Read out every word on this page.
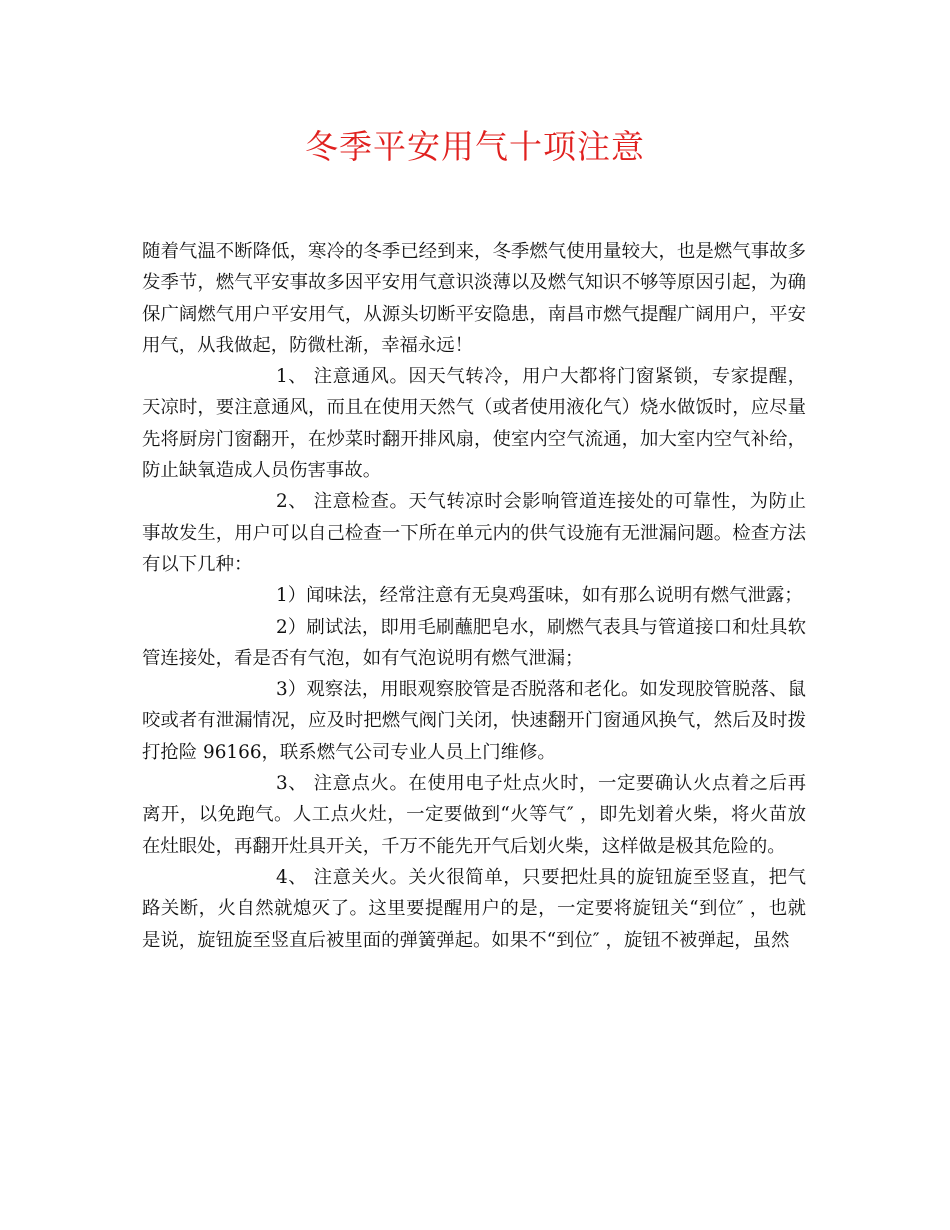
冬季平安用气十项注意

随着气温不断降低，寒冷的冬季已经到来，冬季燃气使用量较大，也是燃气事故多发季节，燃气平安事故多因平安用气意识淡薄以及燃气知识不够等原因引起，为确保广阔燃气用户平安用气，从源头切断平安隐患，南昌市燃气提醒广阔用户，平安用气，从我做起，防微杜渐，幸福永远！

1、 注意通风。因天气转冷，用户大都将门窗紧锁，专家提醒，天凉时，要注意通风，而且在使用天然气（或者使用液化气）烧水做饭时，应尽量先将厨房门窗翻开，在炒菜时翻开排风扇，使室内空气流通，加大室内空气补给，防止缺氧造成人员伤害事故。

2、 注意检查。天气转凉时会影响管道连接处的可靠性，为防止事故发生，用户可以自己检查一下所在单元内的供气设施有无泄漏问题。检查方法有以下几种：

1）闻味法，经常注意有无臭鸡蛋味，如有那么说明有燃气泄露；

2）刷试法，即用毛刷蘸肥皂水，刷燃气表具与管道接口和灶具软管连接处，看是否有气泡，如有气泡说明有燃气泄漏；

3）观察法，用眼观察胶管是否脱落和老化。如发现胶管脱落、鼠咬或者有泄漏情况，应及时把燃气阀门关闭，快速翻开门窗通风换气，然后及时拨打抢险 96166，联系燃气公司专业人员上门维修。

3、 注意点火。在使用电子灶点火时，一定要确认火点着之后再离开，以免跑气。人工点火灶，一定要做到“火等气″ ，即先划着火柴，将火苗放在灶眼处，再翻开灶具开关，千万不能先开气后划火柴，这样做是极其危险的。

4、 注意关火。关火很简单，只要把灶具的旋钮旋至竖直，把气路关断，火自然就熄灭了。这里要提醒用户的是，一定要将旋钮关“到位″ ，也就是说，旋钮旋至竖直后被里面的弹簧弹起。如果不“到位″ ，旋钮不被弹起，虽然
